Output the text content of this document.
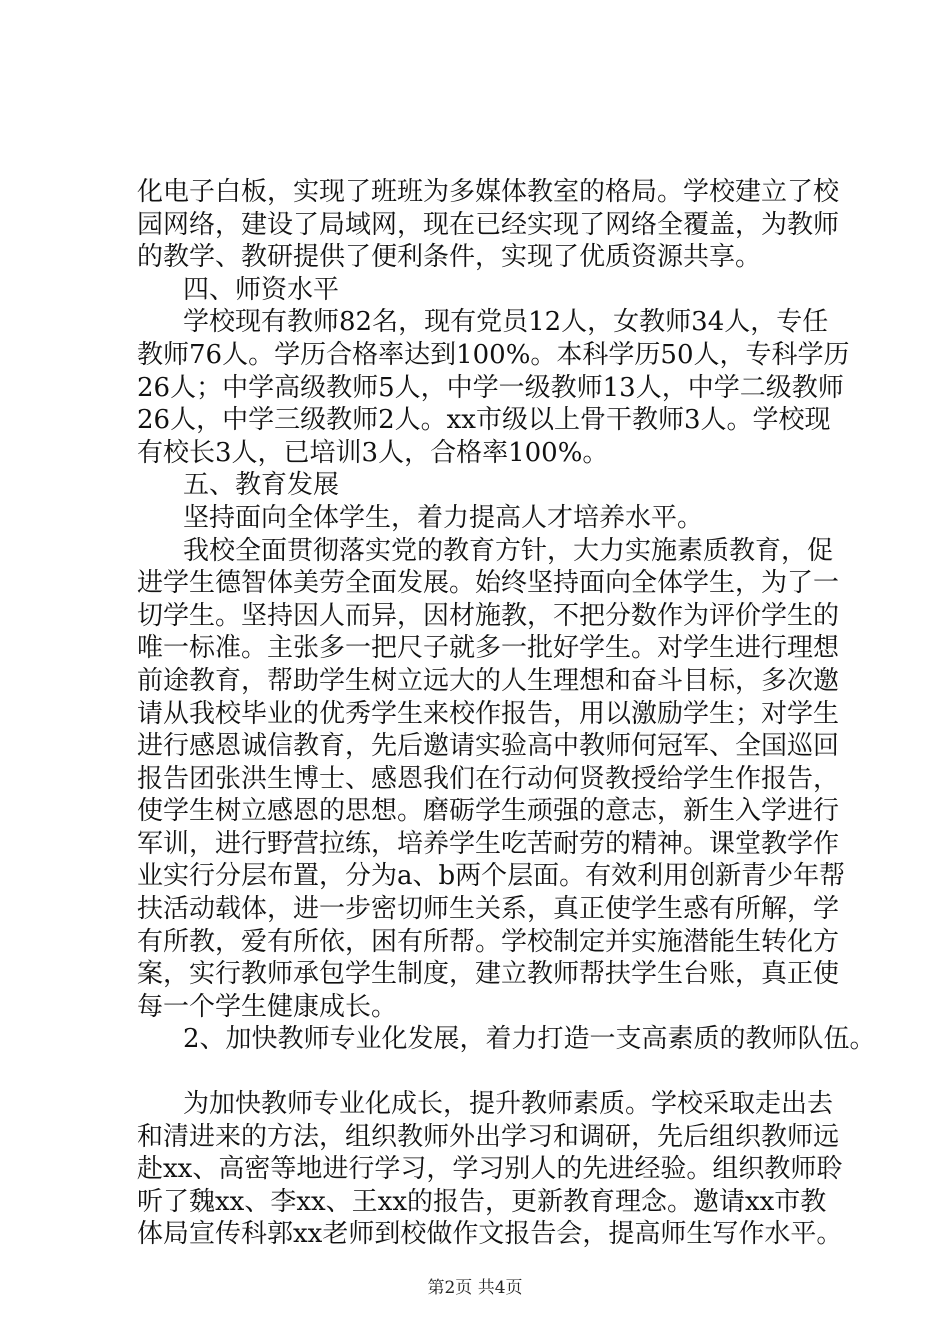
化电子白板，实现了班班为多媒体教室的格局。学校建立了校
园网络，建设了局域网，现在已经实现了网络全覆盖，为教师
的教学、教研提供了便利条件，实现了优质资源共享。
四、师资水平
学校现有教师82名，现有党员12人，女教师34人，专任
教师76人。学历合格率达到100%。本科学历50人，专科学历
26人；中学高级教师5人，中学一级教师13人，中学二级教师
26人，中学三级教师2人。xx市级以上骨干教师3人。学校现
有校长3人，已培训3人，合格率100%。
五、教育发展
坚持面向全体学生，着力提高人才培养水平。
我校全面贯彻落实党的教育方针，大力实施素质教育，促
进学生德智体美劳全面发展。始终坚持面向全体学生，为了一
切学生。坚持因人而异，因材施教，不把分数作为评价学生的
唯一标准。主张多一把尺子就多一批好学生。对学生进行理想
前途教育，帮助学生树立远大的人生理想和奋斗目标，多次邀
请从我校毕业的优秀学生来校作报告，用以激励学生；对学生
进行感恩诚信教育，先后邀请实验高中教师何冠军、全国巡回
报告团张洪生博士、感恩我们在行动何贤教授给学生作报告，
使学生树立感恩的思想。磨砺学生顽强的意志，新生入学进行
军训，进行野营拉练，培养学生吃苦耐劳的精神。课堂教学作
业实行分层布置，分为a、b两个层面。有效利用创新青少年帮
扶活动载体，进一步密切师生关系，真正使学生惑有所解，学
有所教，爱有所依，困有所帮。学校制定并实施潜能生转化方
案，实行教师承包学生制度，建立教师帮扶学生台账，真正使
每一个学生健康成长。
2、加快教师专业化发展，着力打造一支高素质的教师队伍。
为加快教师专业化成长，提升教师素质。学校采取走出去
和清进来的方法，组织教师外出学习和调研，先后组织教师远
赴xx、高密等地进行学习，学习别人的先进经验。组织教师聆
听了魏xx、李xx、王xx的报告，更新教育理念。邀请xx市教
体局宣传科郭xx老师到校做作文报告会，提高师生写作水平。
第2页 共4页
